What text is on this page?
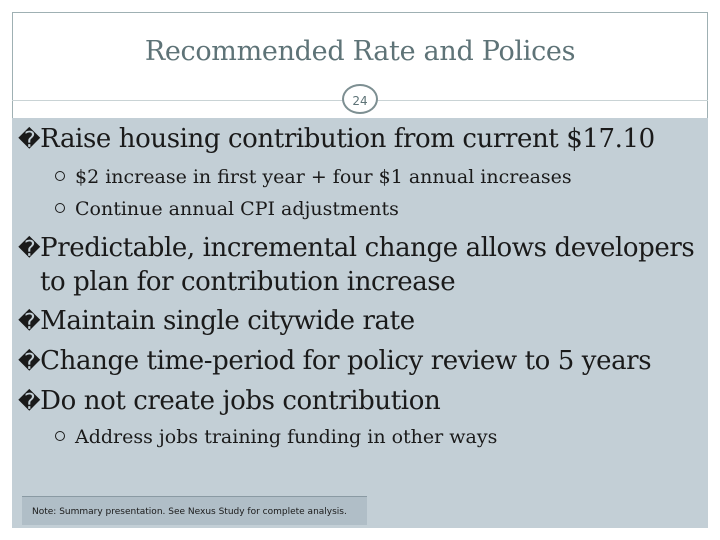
Recommended Rate and Polices
24
�Raise housing contribution from current $17.10
$2 increase in first year + four $1 annual increases
Continue annual CPI adjustments
�Predictable, incremental change allows developers
to plan for contribution increase
�Maintain single citywide rate
�Change time-period for policy review to 5 years
�Do not create jobs contribution
Address jobs training funding in other ways
Note: Summary presentation. See Nexus Study for complete analysis.
